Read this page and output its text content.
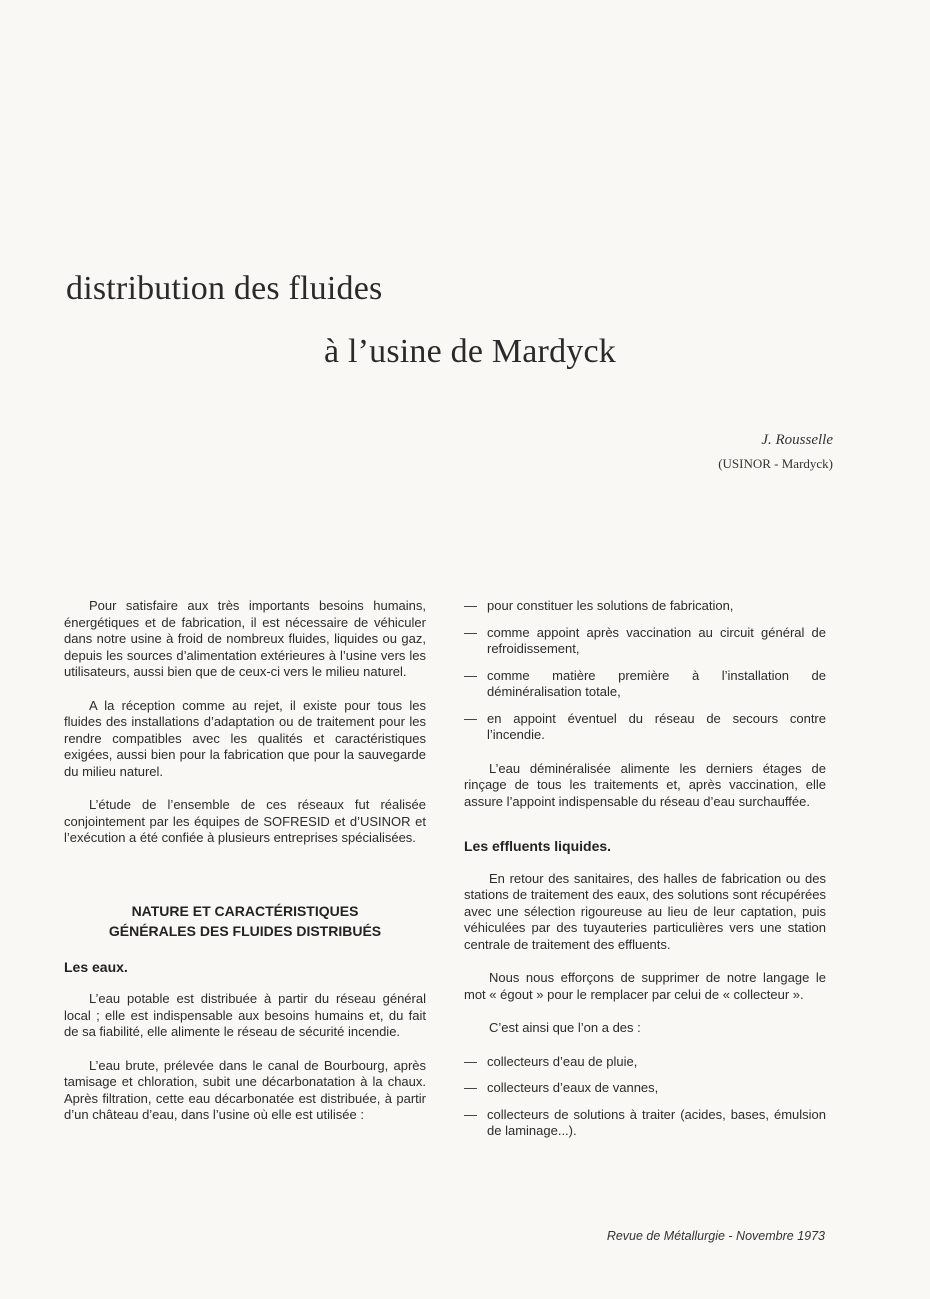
distribution des fluides
à l’usine de Mardyck
J. Rousselle
(USINOR - Mardyck)

Pour satisfaire aux très importants besoins humains, énergétiques et de fabrication, il est nécessaire de véhiculer dans notre usine à froid de nombreux fluides, liquides ou gaz, depuis les sources d’alimentation extérieures à l’usine vers les utilisateurs, aussi bien que de ceux-ci vers le milieu naturel.

A la réception comme au rejet, il existe pour tous les fluides des installations d’adaptation ou de traitement pour les rendre compatibles avec les qualités et caractéristiques exigées, aussi bien pour la fabrication que pour la sauvegarde du milieu naturel.

L’étude de l’ensemble de ces réseaux fut réalisée conjointement par les équipes de SOFRESID et d’USINOR et l’exécution a été confiée à plusieurs entreprises spécialisées.

NATURE ET CARACTÉRISTIQUES
GÉNÉRALES DES FLUIDES DISTRIBUÉS
Les eaux.

L’eau potable est distribuée à partir du réseau général local ; elle est indispensable aux besoins humains et, du fait de sa fiabilité, elle alimente le réseau de sécurité incendie.

L’eau brute, prélevée dans le canal de Bourbourg, après tamisage et chloration, subit une décarbonatation à la chaux. Après filtration, cette eau décarbonatée est distribuée, à partir d’un château d’eau, dans l’usine où elle est utilisée :

— pour constituer les solutions de fabrication,
— comme appoint après vaccination au circuit général de refroidissement,
— comme matière première à l’installation de déminéralisation totale,
— en appoint éventuel du réseau de secours contre l’incendie.

L’eau déminéralisée alimente les derniers étages de rinçage de tous les traitements et, après vaccination, elle assure l’appoint indispensable du réseau d’eau surchauffée.

Les effluents liquides.

En retour des sanitaires, des halles de fabrication ou des stations de traitement des eaux, des solutions sont récupérées avec une sélection rigoureuse au lieu de leur captation, puis véhiculées par des tuyauteries particulières vers une station centrale de traitement des effluents.

Nous nous efforçons de supprimer de notre langage le mot « égout » pour le remplacer par celui de « collecteur ».

C’est ainsi que l’on a des :

— collecteurs d’eau de pluie,
— collecteurs d’eaux de vannes,
— collecteurs de solutions à traiter (acides, bases, émulsion de laminage...).
Revue de Métallurgie - Novembre 1973
